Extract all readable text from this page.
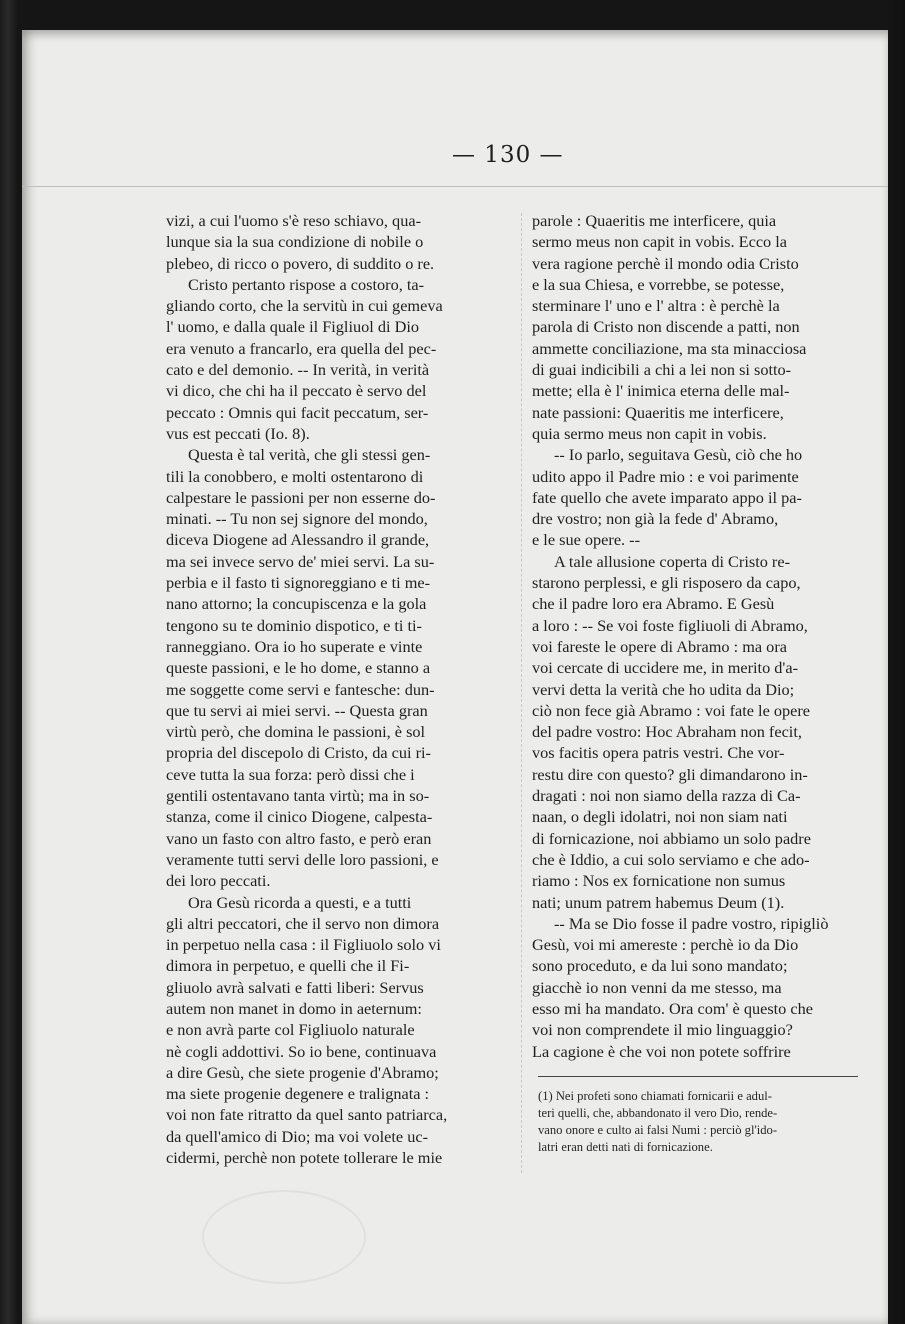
— 130 —

vizi, a cui l'uomo s'è reso schiavo, qua-
lunque sia la sua condizione di nobile o
plebeo, di ricco o povero, di suddito o re.

Cristo pertanto rispose a costoro, ta-
gliando corto, che la servitù in cui gemeva
l' uomo, e dalla quale il Figliuol di Dio
era venuto a francarlo, era quella del pec-
cato e del demonio. -- In verità, in verità
vi dico, che chi ha il peccato è servo del
peccato : Omnis qui facit peccatum, ser-
vus est peccati (Io. 8).

Questa è tal verità, che gli stessi gen-
tili la conobbero, e molti ostentarono di
calpestare le passioni per non esserne do-
minati. -- Tu non sej signore del mondo,
diceva Diogene ad Alessandro il grande,
ma sei invece servo de' miei servi. La su-
perbia e il fasto ti signoreggiano e ti me-
nano attorno; la concupiscenza e la gola
tengono su te dominio dispotico, e ti ti-
ranneggiano. Ora io ho superate e vinte
queste passioni, e le ho dome, e stanno a
me soggette come servi e fantesche: dun-
que tu servi ai miei servi. -- Questa gran
virtù però, che domina le passioni, è sol
propria del discepolo di Cristo, da cui ri-
ceve tutta la sua forza: però dissi che i
gentili ostentavano tanta virtù; ma in so-
stanza, come il cinico Diogene, calpesta-
vano un fasto con altro fasto, e però eran
veramente tutti servi delle loro passioni, e
dei loro peccati.

Ora Gesù ricorda a questi, e a tutti
gli altri peccatori, che il servo non dimora
in perpetuo nella casa : il Figliuolo solo vi
dimora in perpetuo, e quelli che il Fi-
gliuolo avrà salvati e fatti liberi: Servus
autem non manet in domo in aeternum:
e non avrà parte col Figliuolo naturale
nè cogli addottivi. So io bene, continuava
a dire Gesù, che siete progenie d'Abramo;
ma siete progenie degenere e tralignata :
voi non fate ritratto da quel santo patriarca,
da quell'amico di Dio; ma voi volete uc-
cidermi, perchè non potete tollerare le mie

parole : Quaeritis me interficere, quia
sermo meus non capit in vobis. Ecco la
vera ragione perchè il mondo odia Cristo
e la sua Chiesa, e vorrebbe, se potesse,
sterminare l' uno e l' altra : è perchè la
parola di Cristo non discende a patti, non
ammette conciliazione, ma sta minacciosa
di guai indicibili a chi a lei non si sotto-
mette; ella è l' inimica eterna delle mal-
nate passioni: Quaeritis me interficere,
quia sermo meus non capit in vobis.

-- Io parlo, seguitava Gesù, ciò che ho
udito appo il Padre mio : e voi parimente
fate quello che avete imparato appo il pa-
dre vostro; non già la fede d' Abramo,
e le sue opere. --

A tale allusione coperta di Cristo re-
starono perplessi, e gli risposero da capo,
che il padre loro era Abramo. E Gesù
a loro : -- Se voi foste figliuoli di Abramo,
voi fareste le opere di Abramo : ma ora
voi cercate di uccidere me, in merito d'a-
vervi detta la verità che ho udita da Dio;
ciò non fece già Abramo : voi fate le opere
del padre vostro: Hoc Abraham non fecit,
vos facitis opera patris vestri. Che vor-
restu dire con questo? gli dimandarono in-
dragati : noi non siamo della razza di Ca-
naan, o degli idolatri, noi non siam nati
di fornicazione, noi abbiamo un solo padre
che è Iddio, a cui solo serviamo e che ado-
riamo : Nos ex fornicatione non sumus
nati; unum patrem habemus Deum (1).

-- Ma se Dio fosse il padre vostro, ripigliò
Gesù, voi mi amereste : perchè io da Dio
sono proceduto, e da lui sono mandato;
giacchè io non venni da me stesso, ma
esso mi ha mandato. Ora com' è questo che
voi non comprendete il mio linguaggio?
La cagione è che voi non potete soffrire

(1) Nei profeti sono chiamati fornicarii e adul-
teri quelli, che, abbandonato il vero Dio, rende-
vano onore e culto ai falsi Numi : perciò gl'ido-
latri eran detti nati di fornicazione.
